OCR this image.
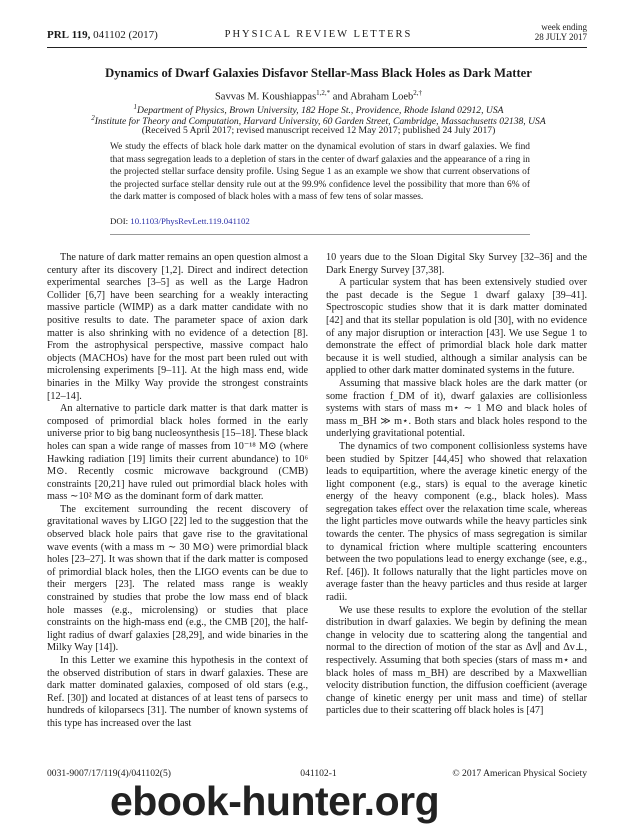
PRL 119, 041102 (2017)	PHYSICAL REVIEW LETTERS
week ending
28 JULY 2017
Dynamics of Dwarf Galaxies Disfavor Stellar-Mass Black Holes as Dark Matter
Savvas M. Koushiappas$^{1,2,*}$ and Abraham Loeb$^{2,\dagger}$
$^1$Department of Physics, Brown University, 182 Hope St., Providence, Rhode Island 02912, USA
$^2$Institute for Theory and Computation, Harvard University, 60 Garden Street, Cambridge, Massachusetts 02138, USA
(Received 5 April 2017; revised manuscript received 12 May 2017; published 24 July 2017)
We study the effects of black hole dark matter on the dynamical evolution of stars in dwarf galaxies. We find that mass segregation leads to a depletion of stars in the center of dwarf galaxies and the appearance of a ring in the projected stellar surface density profile. Using Segue 1 as an example we show that current observations of the projected surface stellar density rule out at the 99.9% confidence level the possibility that more than 6% of the dark matter is composed of black holes with a mass of few tens of solar masses.
DOI: 10.1103/PhysRevLett.119.041102

The nature of dark matter remains an open question almost a century after its discovery [1,2]. Direct and indirect detection experimental searches [3–5] as well as the Large Hadron Collider [6,7] have been searching for a weakly interacting massive particle (WIMP) as a dark matter candidate with no positive results to date. The parameter space of axion dark matter is also shrinking with no evidence of a detection [8]. From the astrophysical perspective, massive compact halo objects (MACHOs) have for the most part been ruled out with microlensing experiments [9–11]. At the high mass end, wide binaries in the Milky Way provide the strongest constraints [12–14].

An alternative to particle dark matter is that dark matter is composed of primordial black holes formed in the early universe prior to big bang nucleosynthesis [15–18]. These black holes can span a wide range of masses from 10⁻¹⁸ M⊙ (where Hawking radiation [19] limits their current abundance) to 10⁶ M⊙. Recently cosmic microwave background (CMB) constraints [20,21] have ruled out primordial black holes with mass ∼10² M⊙ as the dominant form of dark matter.

The excitement surrounding the recent discovery of gravitational waves by LIGO [22] led to the suggestion that the observed black hole pairs that gave rise to the gravitational wave events (with a mass m ∼ 30 M⊙) were primordial black holes [23–27]. It was shown that if the dark matter is composed of primordial black holes, then the LIGO events can be due to their mergers [23]. The related mass range is weakly constrained by studies that probe the low mass end of black hole masses (e.g., microlensing) or studies that place constraints on the high-mass end (e.g., the CMB [20], the half-light radius of dwarf galaxies [28,29], and wide binaries in the Milky Way [14]).

In this Letter we examine this hypothesis in the context of the observed distribution of stars in dwarf galaxies. These are dark matter dominated galaxies, composed of old stars (e.g., Ref. [30]) and located at distances of at least tens of parsecs to hundreds of kiloparsecs [31]. The number of known systems of this type has increased over the last

10 years due to the Sloan Digital Sky Survey [32–36] and the Dark Energy Survey [37,38].

A particular system that has been extensively studied over the past decade is the Segue 1 dwarf galaxy [39–41]. Spectroscopic studies show that it is dark matter dominated [42] and that its stellar population is old [30], with no evidence of any major disruption or interaction [43]. We use Segue 1 to demonstrate the effect of primordial black hole dark matter because it is well studied, although a similar analysis can be applied to other dark matter dominated systems in the future.

Assuming that massive black holes are the dark matter (or some fraction f_DM of it), dwarf galaxies are collisionless systems with stars of mass m⋆ ∼ 1 M⊙ and black holes of mass m_BH ≫ m⋆. Both stars and black holes respond to the underlying gravitational potential.

The dynamics of two component collisionless systems have been studied by Spitzer [44,45] who showed that relaxation leads to equipartition, where the average kinetic energy of the light component (e.g., stars) is equal to the average kinetic energy of the heavy component (e.g., black holes). Mass segregation takes effect over the relaxation time scale, whereas the light particles move outwards while the heavy particles sink towards the center. The physics of mass segregation is similar to dynamical friction where multiple scattering encounters between the two populations lead to energy exchange (see, e.g., Ref. [46]). It follows naturally that the light particles move on average faster than the heavy particles and thus reside at larger radii.

We use these results to explore the evolution of the stellar distribution in dwarf galaxies. We begin by defining the mean change in velocity due to scattering along the tangential and normal to the direction of motion of the star as Δv∥ and Δv⊥, respectively. Assuming that both species (stars of mass m⋆ and black holes of mass m_BH) are described by a Maxwellian velocity distribution function, the diffusion coefficient (average change of kinetic energy per unit mass and time) of stellar particles due to their scattering off black holes is [47]

0031-9007/17/119(4)/041102(5)	041102-1	© 2017 American Physical Society
ebook-hunter.org
